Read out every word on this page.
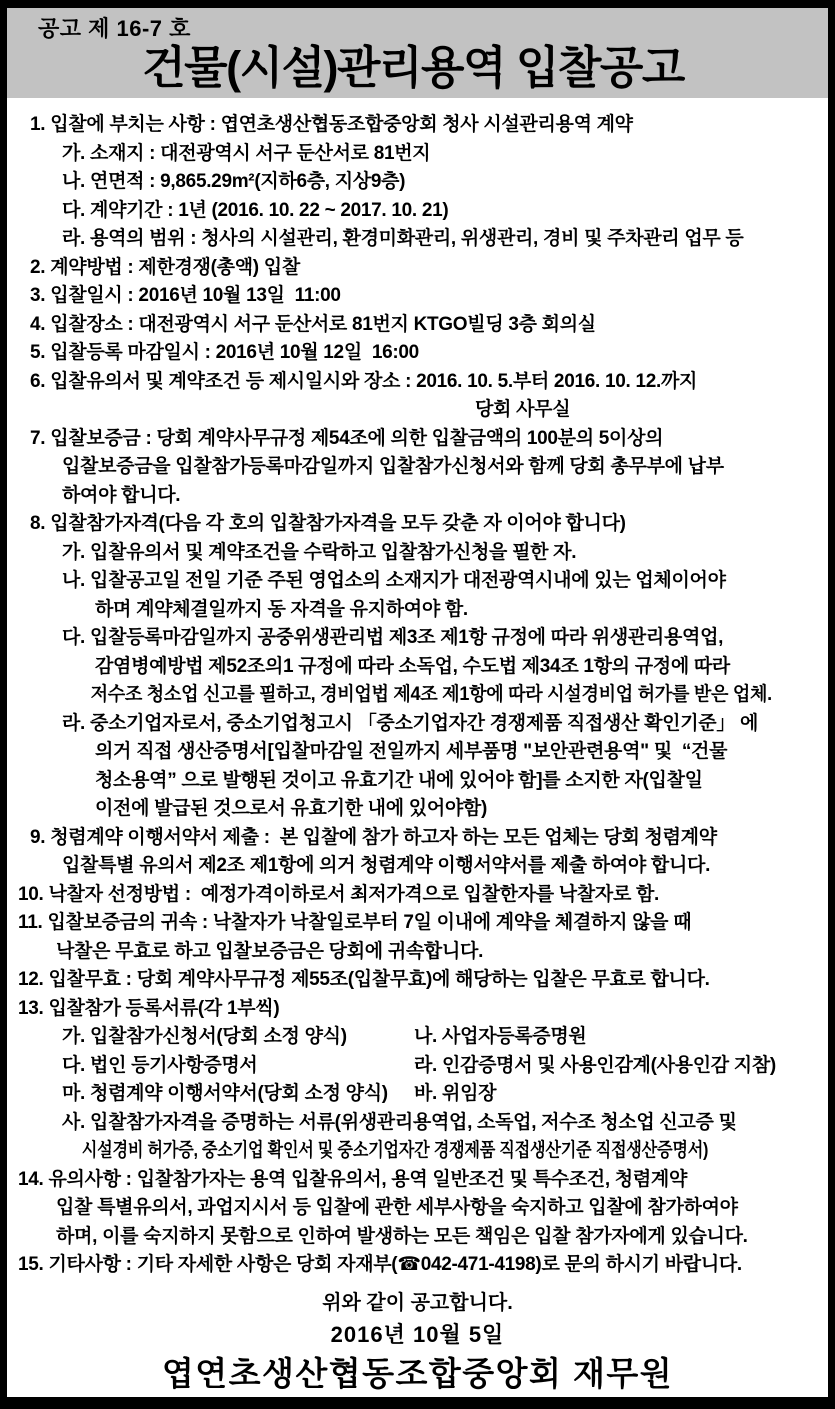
공고 제 16-7 호
건물(시설)관리용역 입찰공고
1. 입찰에 부치는 사항 : 엽연초생산협동조합중앙회 청사 시설관리용역 계약
가. 소재지 : 대전광역시 서구 둔산서로 81번지
나. 연면적 : 9,865.29m²(지하6층, 지상9층)
다. 계약기간 : 1년 (2016. 10. 22 ~ 2017. 10. 21)
라. 용역의 범위 : 청사의 시설관리, 환경미화관리, 위생관리, 경비 및 주차관리 업무 등
2. 계약방법 : 제한경쟁(총액) 입찰
3. 입찰일시 : 2016년 10월 13일  11:00
4. 입찰장소 : 대전광역시 서구 둔산서로 81번지 KTGO빌딩 3층 회의실
5. 입찰등록 마감일시 : 2016년 10월 12일  16:00
6. 입찰유의서 및 계약조건 등 제시일시와 장소 : 2016. 10. 5.부터 2016. 10. 12.까지
당회 사무실
7. 입찰보증금 : 당회 계약사무규정 제54조에 의한 입찰금액의 100분의 5이상의
입찰보증금을 입찰참가등록마감일까지 입찰참가신청서와 함께 당회 총무부에 납부
하여야 합니다.
8. 입찰참가자격(다음 각 호의 입찰참가자격을 모두 갖춘 자 이어야 합니다)
가. 입찰유의서 및 계약조건을 수락하고 입찰참가신청을 필한 자.
나. 입찰공고일 전일 기준 주된 영업소의 소재지가 대전광역시내에 있는 업체이어야
하며 계약체결일까지 동 자격을 유지하여야 함.
다. 입찰등록마감일까지 공중위생관리법 제3조 제1항 규정에 따라 위생관리용역업,
감염병예방법 제52조의1 규정에 따라 소독업, 수도법 제34조 1항의 규정에 따라
저수조 청소업 신고를 필하고, 경비업법 제4조 제1항에 따라 시설경비업 허가를 받은 업체.
라. 중소기업자로서, 중소기업청고시 「중소기업자간 경쟁제품 직접생산 확인기준」 에
의거 직접 생산증명서[입찰마감일 전일까지 세부품명 "보안관련용역" 및  “건물
청소용역” 으로 발행된 것이고 유효기간 내에 있어야 함]를 소지한 자(입찰일
이전에 발급된 것으로서 유효기한 내에 있어야함)
9. 청렴계약 이행서약서 제출 :  본 입찰에 참가 하고자 하는 모든 업체는 당회 청렴계약
입찰특별 유의서 제2조 제1항에 의거 청렴계약 이행서약서를 제출 하여야 합니다.
10. 낙찰자 선정방법 :  예정가격이하로서 최저가격으로 입찰한자를 낙찰자로 함.
11. 입찰보증금의 귀속 : 낙찰자가 낙찰일로부터 7일 이내에 계약을 체결하지 않을 때
낙찰은 무효로 하고 입찰보증금은 당회에 귀속합니다.
12. 입찰무효 : 당회 계약사무규정 제55조(입찰무효)에 해당하는 입찰은 무효로 합니다.
13. 입찰참가 등록서류(각 1부씩)
가. 입찰참가신청서(당회 소정 양식)	나. 사업자등록증명원
다. 법인 등기사항증명서	라. 인감증명서 및 사용인감계(사용인감 지참)
마. 청렴계약 이행서약서(당회 소정 양식)	바. 위임장
사. 입찰참가자격을 증명하는 서류(위생관리용역업, 소독업, 저수조 청소업 신고증 및
시설경비 허가증, 중소기업 확인서 및 중소기업자간 경쟁제품 직접생산기준 직접생산증명서)
14. 유의사항 : 입찰참가자는 용역 입찰유의서, 용역 일반조건 및 특수조건, 청렴계약
입찰 특별유의서, 과업지시서 등 입찰에 관한 세부사항을 숙지하고 입찰에 참가하여야
하며, 이를 숙지하지 못함으로 인하여 발생하는 모든 책임은 입찰 참가자에게 있습니다.
15. 기타사항 : 기타 자세한 사항은 당회 자재부(☎042-471-4198)로 문의 하시기 바랍니다.
위와 같이 공고합니다.
2016년 10월 5일
엽연초생산협동조합중앙회 재무원
